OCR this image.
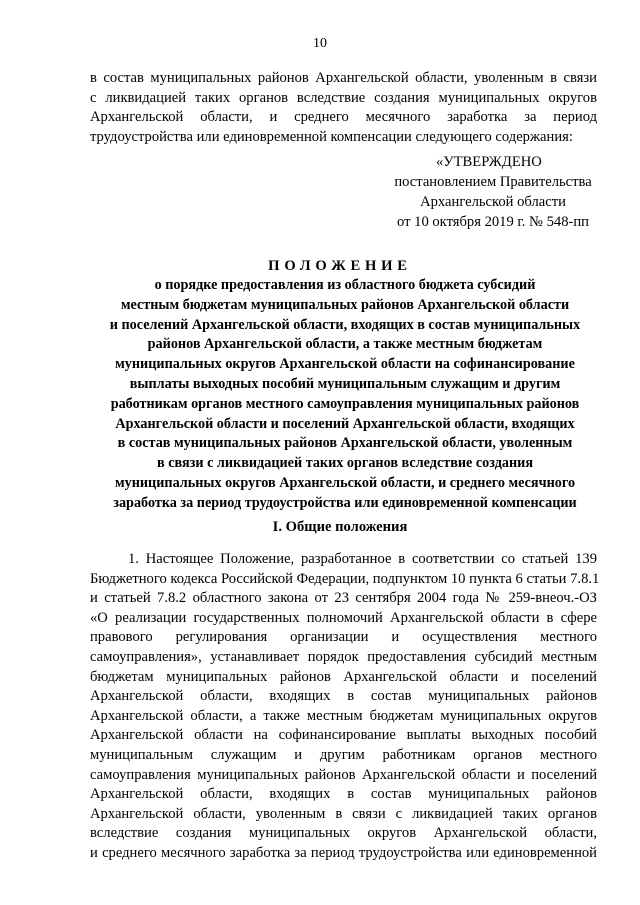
10
в состав муниципальных районов Архангельской области, уволенным в связи
с ликвидацией таких органов вследствие создания муниципальных округов
Архангельской области, и среднего месячного заработка за период
трудоустройства или единовременной компенсации следующего содержания:
«УТВЕРЖДЕНО
постановлением Правительства
Архангельской области
от 10 октября 2019 г. № 548-пп
ПОЛОЖЕНИЕ
о порядке предоставления из областного бюджета субсидий
местным бюджетам муниципальных районов Архангельской области
и поселений Архангельской области, входящих в состав муниципальных
районов Архангельской области, а также местным бюджетам
муниципальных округов Архангельской области на софинансирование
выплаты выходных пособий муниципальным служащим и другим
работникам органов местного самоуправления муниципальных районов
Архангельской области и поселений Архангельской области, входящих
в состав муниципальных районов Архангельской области, уволенным
в связи с ликвидацией таких органов вследствие создания
муниципальных округов Архангельской области, и среднего месячного
заработка за период трудоустройства или единовременной компенсации
I. Общие положения
1. Настоящее Положение, разработанное в соответствии со статьей 139
Бюджетного кодекса Российской Федерации, подпунктом 10 пункта 6 статьи 7.8.1
и статьей 7.8.2 областного закона от 23 сентября 2004 года № 259-внеоч.-ОЗ
«О реализации государственных полномочий Архангельской области в сфере
правового регулирования организации и осуществления местного
самоуправления», устанавливает порядок предоставления субсидий местным
бюджетам муниципальных районов Архангельской области и поселений
Архангельской области, входящих в состав муниципальных районов
Архангельской области, а также местным бюджетам муниципальных округов
Архангельской области на софинансирование выплаты выходных пособий
муниципальным служащим и другим работникам органов местного
самоуправления муниципальных районов Архангельской области и поселений
Архангельской области, входящих в состав муниципальных районов
Архангельской области, уволенным в связи с ликвидацией таких органов
вследствие создания муниципальных округов Архангельской области,
и среднего месячного заработка за период трудоустройства или единовременной
